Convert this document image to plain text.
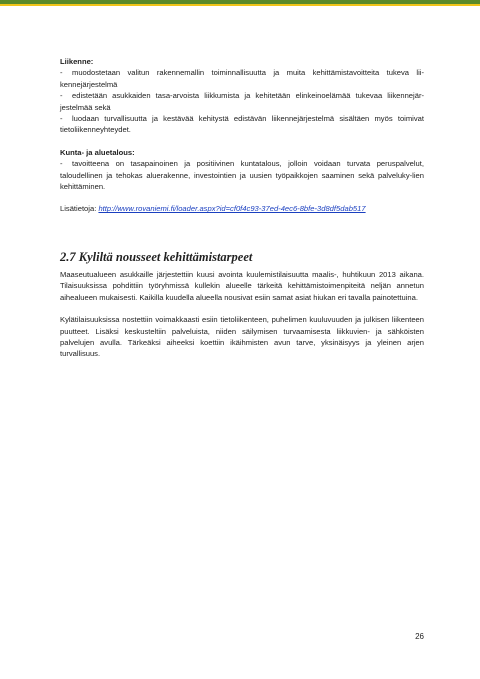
Liikenne:

- muodostetaan valitun rakennemallin toiminnallisuutta ja muita kehittämistavoitteita tukeva lii-kennejärjestelmä

- edistetään asukkaiden tasa-arvoista liikkumista ja kehitetään elinkeinoelämää tukevaa liikennejär-jestelmää sekä

- luodaan turvallisuutta ja kestävää kehitystä edistävän liikennejärjestelmä sisältäen myös toimivat tietoliikenneyhteydet.

Kunta- ja aluetalous:

- tavoitteena on tasapainoinen ja positiivinen kuntatalous, jolloin voidaan turvata peruspalvelut, taloudellinen ja tehokas aluerakenne, investointien ja uusien työpaikkojen saaminen sekä palveluky-lien kehittäminen.

Lisätietoja: http://www.rovaniemi.fi/loader.aspx?id=cf0f4c93-37ed-4ec6-8bfe-3d8df5dab517

2.7 Kyliltä nousseet kehittämistarpeet

Maaseutualueen asukkaille järjestettiin kuusi avointa kuulemistilaisuutta maalis-, huhtikuun 2013 aikana. Tilaisuuksissa pohdittiin työryhmissä kullekin alueelle tärkeitä kehittämistoimenpiteitä neljän annetun aihealueen mukaisesti. Kaikilla kuudella alueella nousivat esiin samat asiat hiukan eri tavalla painotettuina.

Kylätilaisuuksissa nostettiin voimakkaasti esiin tietoliikenteen, puhelimen kuuluvuuden ja julkisen liikenteen puutteet. Lisäksi keskusteltiin palveluista, niiden säilymisen turvaamisesta liikkuvien- ja sähköisten palvelujen avulla. Tärkeäksi aiheeksi koettiin ikäihmisten avun tarve, yksinäisyys ja yleinen arjen turvallisuus.

26
